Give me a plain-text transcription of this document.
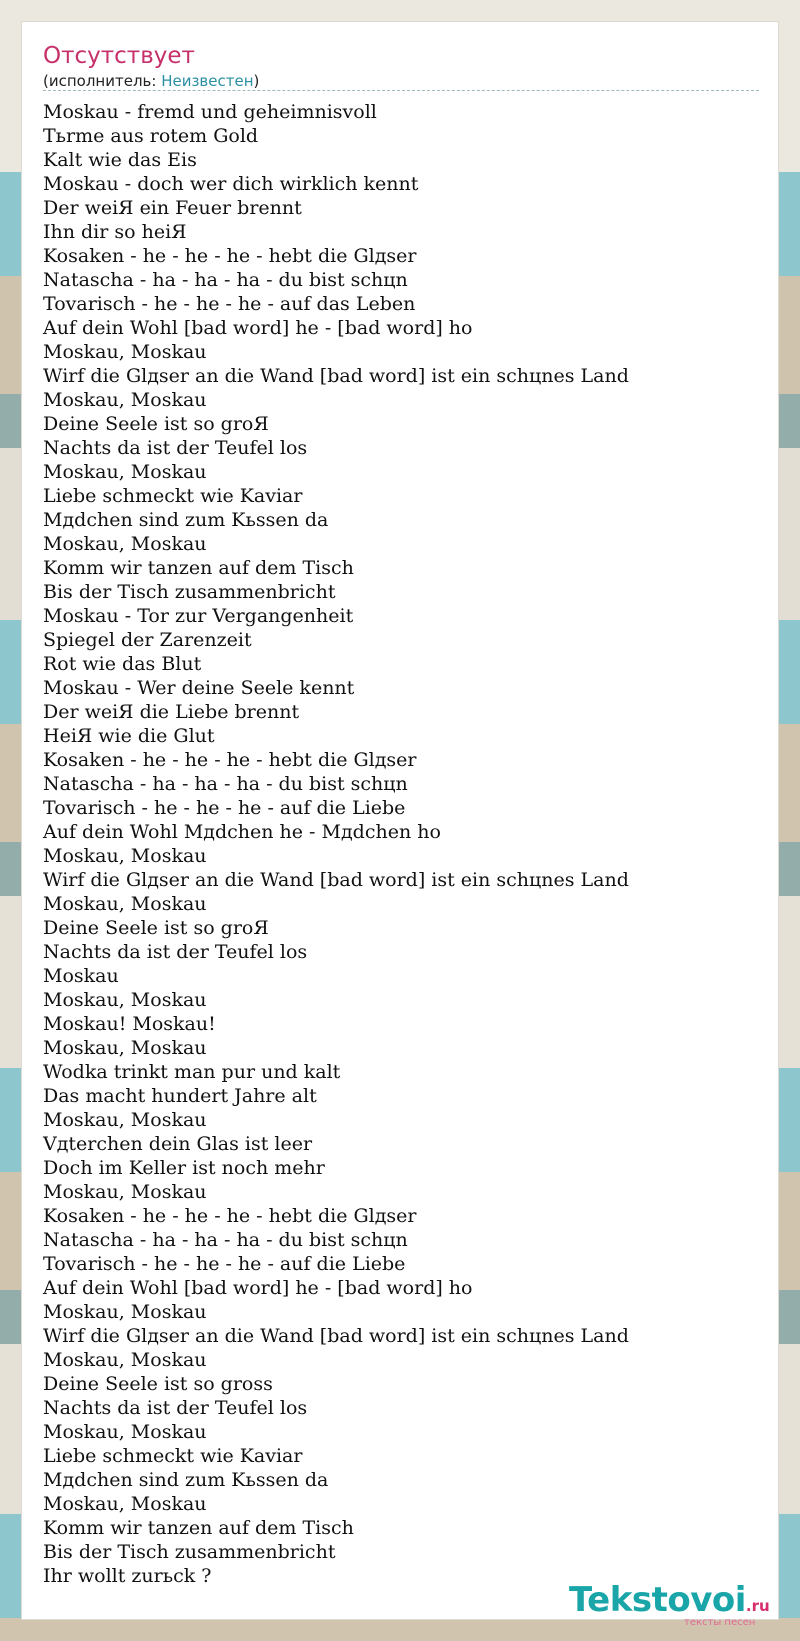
Отсутствует
(исполнитель: Неизвестен)
Moskau - fremd und geheimnisvoll
Тьrme aus rotem Gold
Kalt wie das Eis
Moskau - doch wer dich wirklich kennt
Der weiЯ ein Feuer brennt
Ihn dir so heiЯ
Kosaken - he - he - he - hebt die Glдser
Natascha - ha - ha - ha - du bist schцn
Tovarisch - he - he - he - auf das Leben
Auf dein Wohl [bad word] he - [bad word] ho
Moskau, Moskau
Wirf die Glдser an die Wand [bad word] ist ein schцnes Land
Moskau, Moskau
Deine Seele ist so groЯ
Nachts da ist der Teufel los
Moskau, Moskau
Liebe schmeckt wie Kaviar
Mдdchen sind zum Kьssen da
Moskau, Moskau
Komm wir tanzen auf dem Tisch
Bis der Tisch zusammenbricht
Moskau - Tor zur Vergangenheit
Spiegel der Zarenzeit
Rot wie das Blut
Moskau - Wer deine Seele kennt
Der weiЯ die Liebe brennt
HeiЯ wie die Glut
Kosaken - he - he - he - hebt die Glдser
Natascha - ha - ha - ha - du bist schцn
Tovarisch - he - he - he - auf die Liebe
Auf dein Wohl Mдdchen he - Mдdchen ho
Moskau, Moskau
Wirf die Glдser an die Wand [bad word] ist ein schцnes Land
Moskau, Moskau
Deine Seele ist so groЯ
Nachts da ist der Teufel los
Moskau
Moskau, Moskau
Moskau! Moskau!
Moskau, Moskau
Wodka trinkt man pur und kalt
Das macht hundert Jahre alt
Moskau, Moskau
Vдterchen dein Glas ist leer
Doch im Keller ist noch mehr
Moskau, Moskau
Kosaken - he - he - he - hebt die Glдser
Natascha - ha - ha - ha - du bist schцn
Tovarisch - he - he - he - auf die Liebe
Auf dein Wohl [bad word] he - [bad word] ho
Moskau, Moskau
Wirf die Glдser an die Wand [bad word] ist ein schцnes Land
Moskau, Moskau
Deine Seele ist so gross
Nachts da ist der Teufel los
Moskau, Moskau
Liebe schmeckt wie Kaviar
Mдdchen sind zum Kьssen da
Moskau, Moskau
Komm wir tanzen auf dem Tisch
Bis der Tisch zusammenbricht
Ihr wollt zurьck ?
Tekstovoi.ru
тексты песен
